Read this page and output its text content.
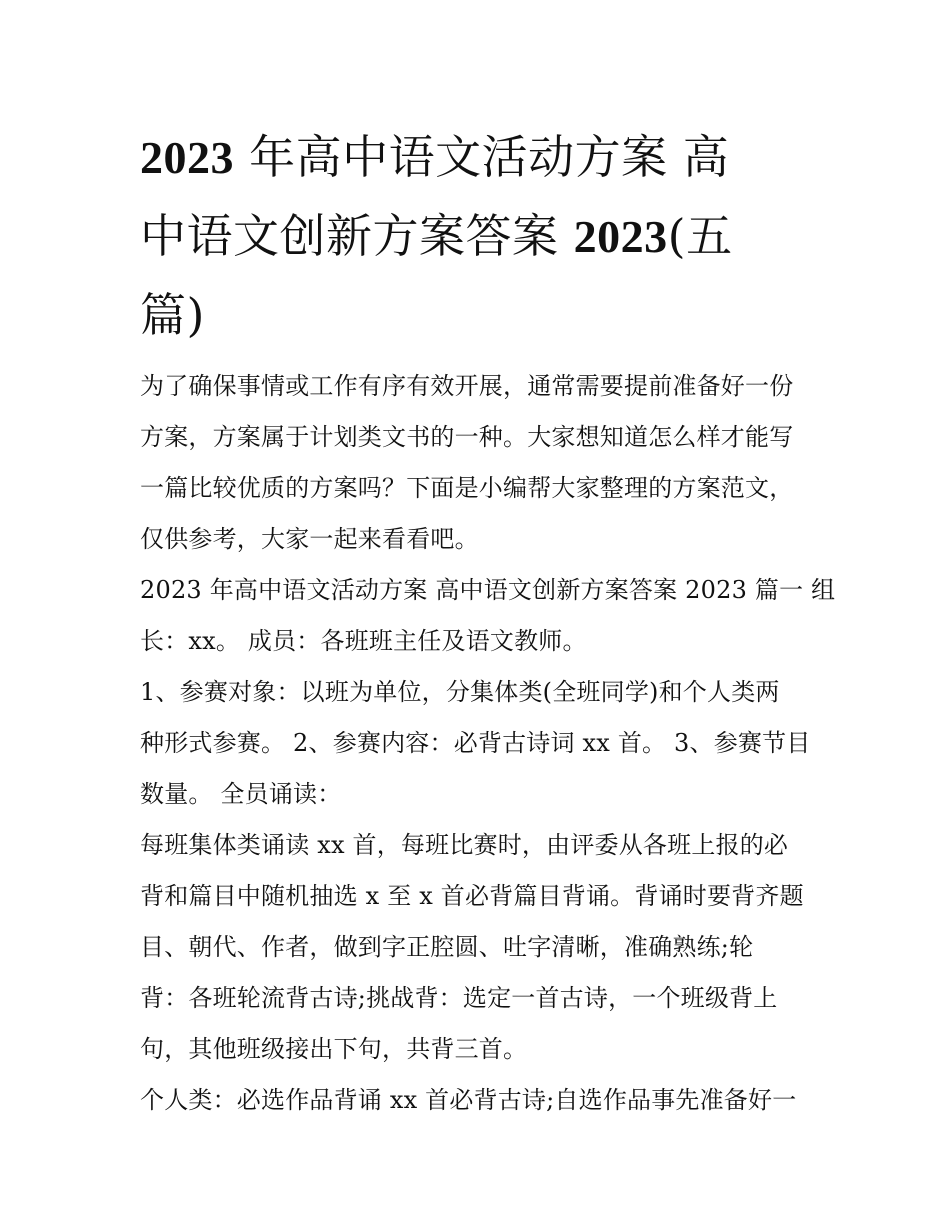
2023 年高中语文活动方案 高
中语文创新方案答案 2023(五
篇)

为了确保事情或工作有序有效开展，通常需要提前准备好一份
方案，方案属于计划类文书的一种。大家想知道怎么样才能写
一篇比较优质的方案吗？下面是小编帮大家整理的方案范文，
仅供参考，大家一起来看看吧。

2023 年高中语文活动方案 高中语文创新方案答案 2023 篇一 组
长：xx。 成员：各班班主任及语文教师。

1、参赛对象：以班为单位，分集体类(全班同学)和个人类两
种形式参赛。 2、参赛内容：必背古诗词 xx 首。 3、参赛节目
数量。 全员诵读：

每班集体类诵读 xx 首，每班比赛时，由评委从各班上报的必
背和篇目中随机抽选 x 至 x 首必背篇目背诵。背诵时要背齐题
目、朝代、作者，做到字正腔圆、吐字清晰，准确熟练;轮
背：各班轮流背古诗;挑战背：选定一首古诗，一个班级背上
句，其他班级接出下句，共背三首。

个人类：必选作品背诵 xx 首必背古诗;自选作品事先准备好一
